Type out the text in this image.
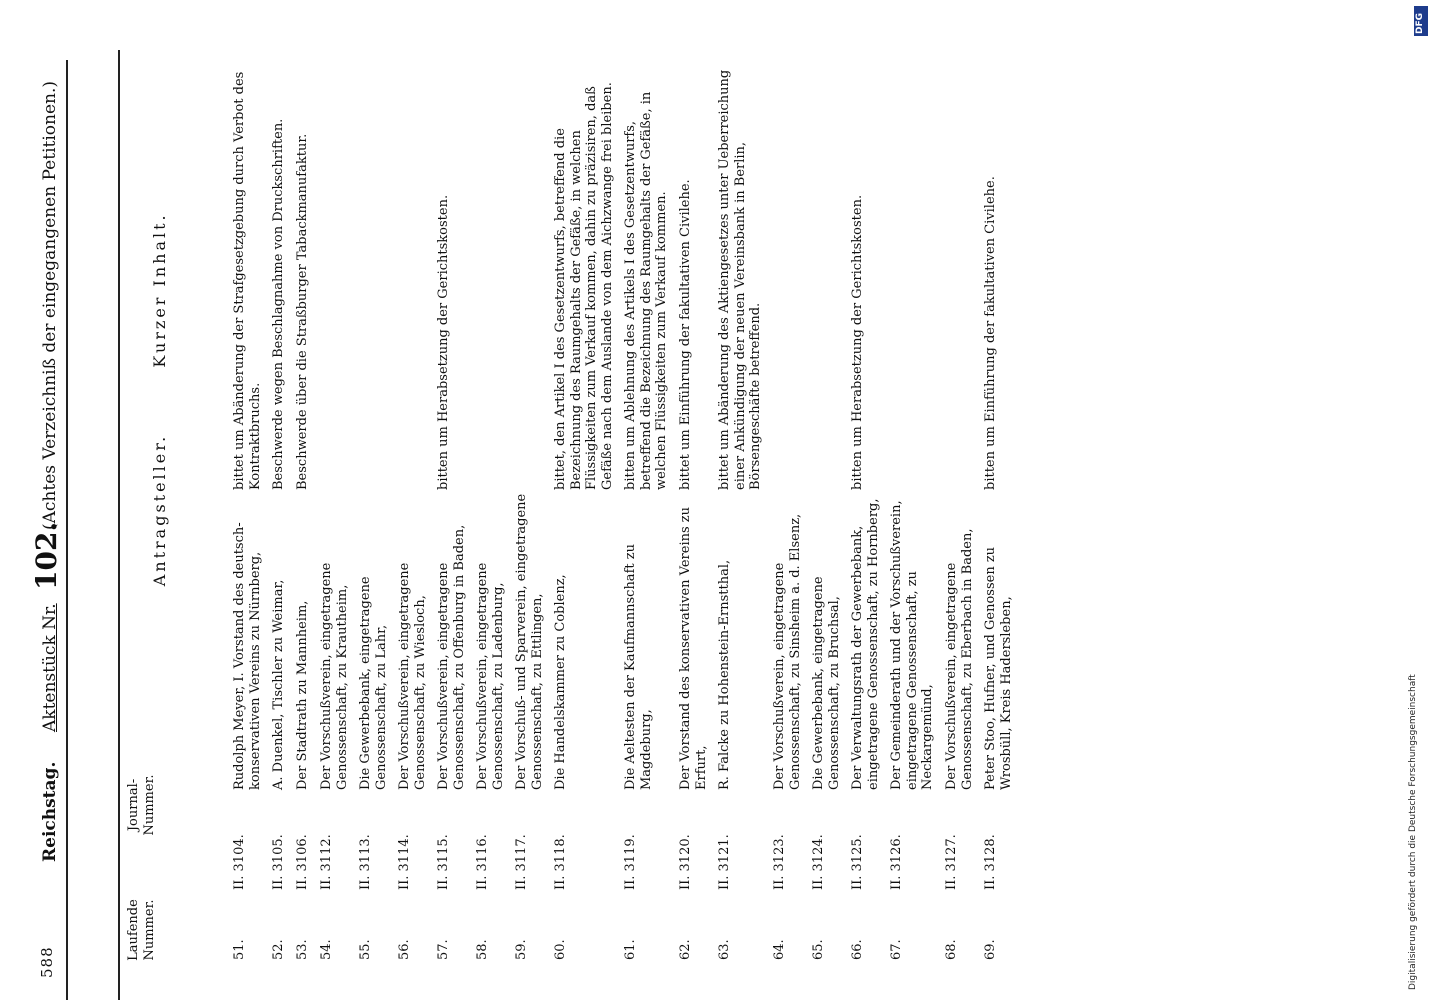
588
Reichstag.
Aktenstück Nr.
102.
(Achtes Verzeichniß der eingegangenen Petitionen.)
Laufende Nummer.
Journal-Nummer.
Antragsteller.
Kurzer Inhalt.
51.
II. 3104.
Rudolph Meyer, I. Vorstand des deutsch-konservativen Vereins zu Nürnberg,
bittet um Abänderung der Strafgesetzgebung durch Verbot des Kontraktbruchs.
52.
II. 3105.
A. Duenkel, Tischler zu Weimar,
Beschwerde wegen Beschlagnahme von Druckschriften.
53.
II. 3106.
Der Stadtrath zu Mannheim,
Beschwerde über die Straßburger Tabackmanufaktur.
54.
II. 3112.
Der Vorschußverein, eingetragene Genossenschaft, zu Krautheim,
55.
II. 3113.
Die Gewerbebank, eingetragene Genossenschaft, zu Lahr,
56.
II. 3114.
Der Vorschußverein, eingetragene Genossenschaft, zu Wiesloch,
57.
II. 3115.
Der Vorschußverein, eingetragene Genossenschaft, zu Offenburg in Baden,
bitten um Herabsetzung der Gerichtskosten.
58.
II. 3116.
Der Vorschußverein, eingetragene Genossenschaft, zu Ladenburg,
59.
II. 3117.
Der Vorschuß- und Sparverein, eingetragene Genossenschaft, zu Ettlingen,
60.
II. 3118.
Die Handelskammer zu Coblenz,
bittet, den Artikel I des Gesetzentwurfs, betreffend die Bezeichnung des Raumgehalts der Gefäße, in welchen Flüssigkeiten zum Verkauf kommen, dahin zu präzisiren, daß Gefäße nach dem Auslande von dem Aichzwange frei bleiben.
61.
II. 3119.
Die Aeltesten der Kaufmannschaft zu Magdeburg,
bitten um Ablehnung des Artikels I des Gesetzentwurfs, betreffend die Bezeichnung des Raumgehalts der Gefäße, in welchen Flüssigkeiten zum Verkauf kommen.
62.
II. 3120.
Der Vorstand des konservativen Vereins zu Erfurt,
bittet um Einführung der fakultativen Civilehe.
63.
II. 3121.
R. Falcke zu Hohenstein-Ernstthal,
bittet um Abänderung des Aktiengesetzes unter Ueberreichung einer Ankündigung der neuen Vereinsbank in Berlin, Börsengeschäfte betreffend.
64.
II. 3123.
Der Vorschußverein, eingetragene Genossenschaft, zu Sinsheim a. d. Elsenz,
65.
II. 3124.
Die Gewerbebank, eingetragene Genossenschaft, zu Bruchsal,
66.
II. 3125.
Der Verwaltungsrath der Gewerbebank, eingetragene Genossenschaft, zu Hornberg,
bitten um Herabsetzung der Gerichtskosten.
67.
II. 3126.
Der Gemeinderath und der Vorschußverein, eingetragene Genossenschaft, zu Neckargemünd,
68.
II. 3127.
Der Vorschußverein, eingetragene Genossenschaft, zu Eberbach in Baden,
69.
II. 3128.
Peter Stoo, Hufner, und Genossen zu Wrosbüll, Kreis Hadersleben,
bitten um Einführung der fakultativen Civilehe.
Digitalisierung gefördert durch die Deutsche Forschungsgemeinschaft
DFG
